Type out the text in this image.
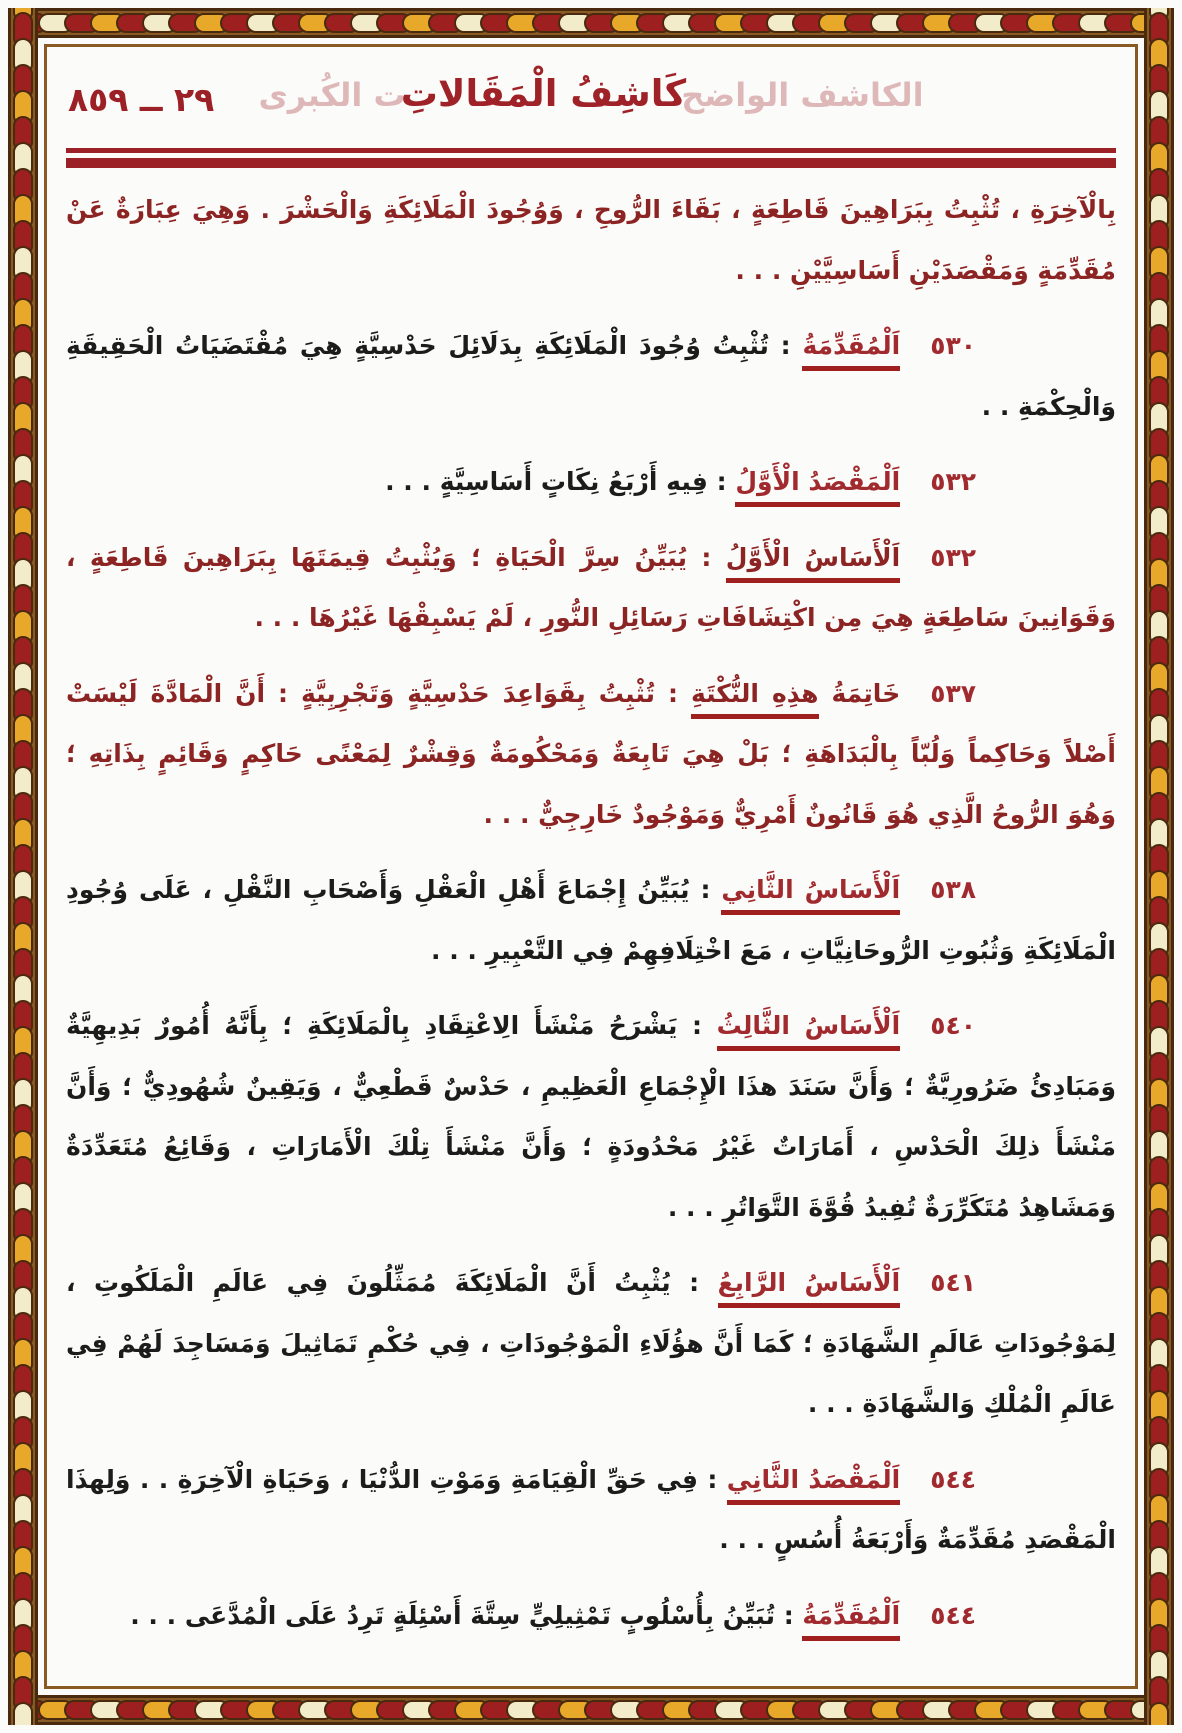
٢٩ ــ ٨٥٩	الكاشف الواضح كَاشِفُ الْمَقَالاتِ ت الكُبرى

بِالْآخِرَةِ ، تُثْبِتُ بِبَرَاهِينَ قَاطِعَةٍ ، بَقَاءَ الرُّوحِ ، وَوُجُودَ الْمَلَائِكَةِ وَالْحَشْرَ . وَهِيَ عِبَارَةٌ عَنْ مُقَدِّمَةٍ وَمَقْصَدَيْنِ أَسَاسِيَّيْنِ . . .

٥٣٠اَلْمُقَدِّمَةُ : تُثْبِتُ وُجُودَ الْمَلَائِكَةِ بِدَلَائِلَ حَدْسِيَّةٍ هِيَ مُقْتَضَيَاتُ الْحَقِيقَةِ وَالْحِكْمَةِ . .

٥٣٢اَلْمَقْصَدُ الْأَوَّلُ : فِيهِ أَرْبَعُ نِكَاتٍ أَسَاسِيَّةٍ . . .

٥٣٢اَلْأَسَاسُ الْأَوَّلُ : يُبَيِّنُ سِرَّ الْحَيَاةِ ؛ وَيُثْبِتُ قِيمَتَهَا بِبَرَاهِينَ قَاطِعَةٍ ، وَقَوَانِينَ سَاطِعَةٍ هِيَ مِن اكْتِشَافَاتِ رَسَائِلِ النُّورِ ، لَمْ يَسْبِقْهَا غَيْرُهَا . . .

٥٣٧خَاتِمَةُ هذِهِ النُّكْتَةِ : تُثْبِتُ بِقَوَاعِدَ حَدْسِيَّةٍ وَتَجْرِبِيَّةٍ : أَنَّ الْمَادَّةَ لَيْسَتْ أَصْلاً وَحَاكِماً وَلُبّاً بِالْبَدَاهَةِ ؛ بَلْ هِيَ تَابِعَةٌ وَمَحْكُومَةٌ وَقِشْرٌ لِمَعْنًى حَاكِمٍ وَقَائِمٍ بِذَاتِهِ ؛ وَهُوَ الرُّوحُ الَّذِي هُوَ قَانُونٌ أَمْرِيٌّ وَمَوْجُودٌ خَارِجِيٌّ . . .

٥٣٨اَلْأَسَاسُ الثَّانِي : يُبَيِّنُ إِجْمَاعَ أَهْلِ الْعَقْلِ وَأَصْحَابِ النَّقْلِ ، عَلَى وُجُودِ الْمَلَائِكَةِ وَثُبُوتِ الرُّوحَانِيَّاتِ ، مَعَ اخْتِلَافِهِمْ فِي التَّعْبِيرِ . . .

٥٤٠اَلْأَسَاسُ الثَّالِثُ : يَشْرَحُ مَنْشَأَ الِاعْتِقَادِ بِالْمَلَائِكَةِ ؛ بِأَنَّهُ أُمُورٌ بَدِيهِيَّةٌ وَمَبَادِئُ ضَرُورِيَّةٌ ؛ وَأَنَّ سَنَدَ هذَا الْإِجْمَاعِ الْعَظِيمِ ، حَدْسٌ قَطْعِيٌّ ، وَيَقِينٌ شُهُودِيٌّ ؛ وَأَنَّ مَنْشَأَ ذلِكَ الْحَدْسِ ، أَمَارَاتٌ غَيْرُ مَحْدُودَةٍ ؛ وَأَنَّ مَنْشَأَ تِلْكَ الْأَمَارَاتِ ، وَقَائِعُ مُتَعَدِّدَةٌ وَمَشَاهِدُ مُتَكَرِّرَةٌ تُفِيدُ قُوَّةَ التَّوَاتُرِ . . .

٥٤١اَلْأَسَاسُ الرَّابِعُ : يُثْبِتُ أَنَّ الْمَلَائِكَةَ مُمَثِّلُونَ فِي عَالَمِ الْمَلَكُوتِ ، لِمَوْجُودَاتِ عَالَمِ الشَّهَادَةِ ؛ كَمَا أَنَّ هؤُلَاءِ الْمَوْجُودَاتِ ، فِي حُكْمِ تَمَاثِيلَ وَمَسَاجِدَ لَهُمْ فِي عَالَمِ الْمُلْكِ وَالشَّهَادَةِ . . .

٥٤٤اَلْمَقْصَدُ الثَّانِي : فِي حَقِّ الْقِيَامَةِ وَمَوْتِ الدُّنْيَا ، وَحَيَاةِ الْآخِرَةِ . . وَلِهذَا الْمَقْصَدِ مُقَدِّمَةٌ وَأَرْبَعَةُ أُسُسٍ . . .

٥٤٤اَلْمُقَدِّمَةُ : تُبَيِّنُ بِأُسْلُوبٍ تَمْثِيلِيٍّ سِتَّةَ أَسْئِلَةٍ تَرِدُ عَلَى الْمُدَّعَى . . .
